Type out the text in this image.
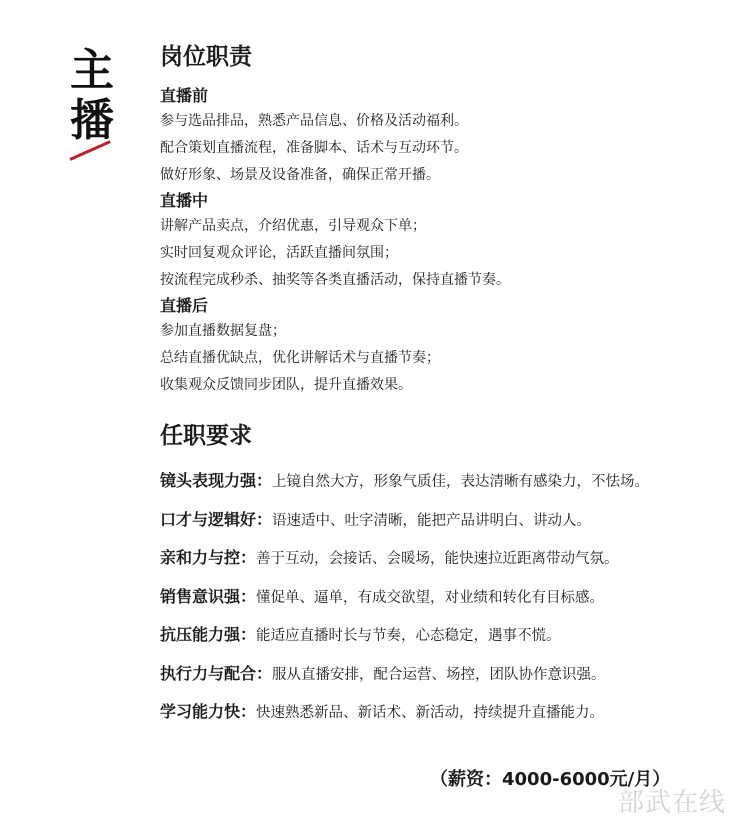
主
播
岗位职责

直播前

参与选品排品，熟悉产品信息、价格及活动福利。

配合策划直播流程，准备脚本、话术与互动环节。

做好形象、场景及设备准备，确保正常开播。

直播中

讲解产品卖点，介绍优惠，引导观众下单；

实时回复观众评论，活跃直播间氛围；

按流程完成秒杀、抽奖等各类直播活动，保持直播节奏。

直播后

参加直播数据复盘；

总结直播优缺点，优化讲解话术与直播节奏；

收集观众反馈同步团队，提升直播效果。

任职要求
镜头表现力强：上镜自然大方，形象气质佳，表达清晰有感染力，不怯场。
口才与逻辑好：语速适中、吐字清晰，能把产品讲明白、讲动人。
亲和力与控：善于互动，会接话、会暖场，能快速拉近距离带动气氛。
销售意识强：懂促单、逼单，有成交欲望，对业绩和转化有目标感。
抗压能力强：能适应直播时长与节奏，心态稳定，遇事不慌。
执行力与配合：服从直播安排，配合运营、场控，团队协作意识强。
学习能力快：快速熟悉新品、新话术、新活动，持续提升直播能力。
（薪资：4000-6000元/月）
部武在线
